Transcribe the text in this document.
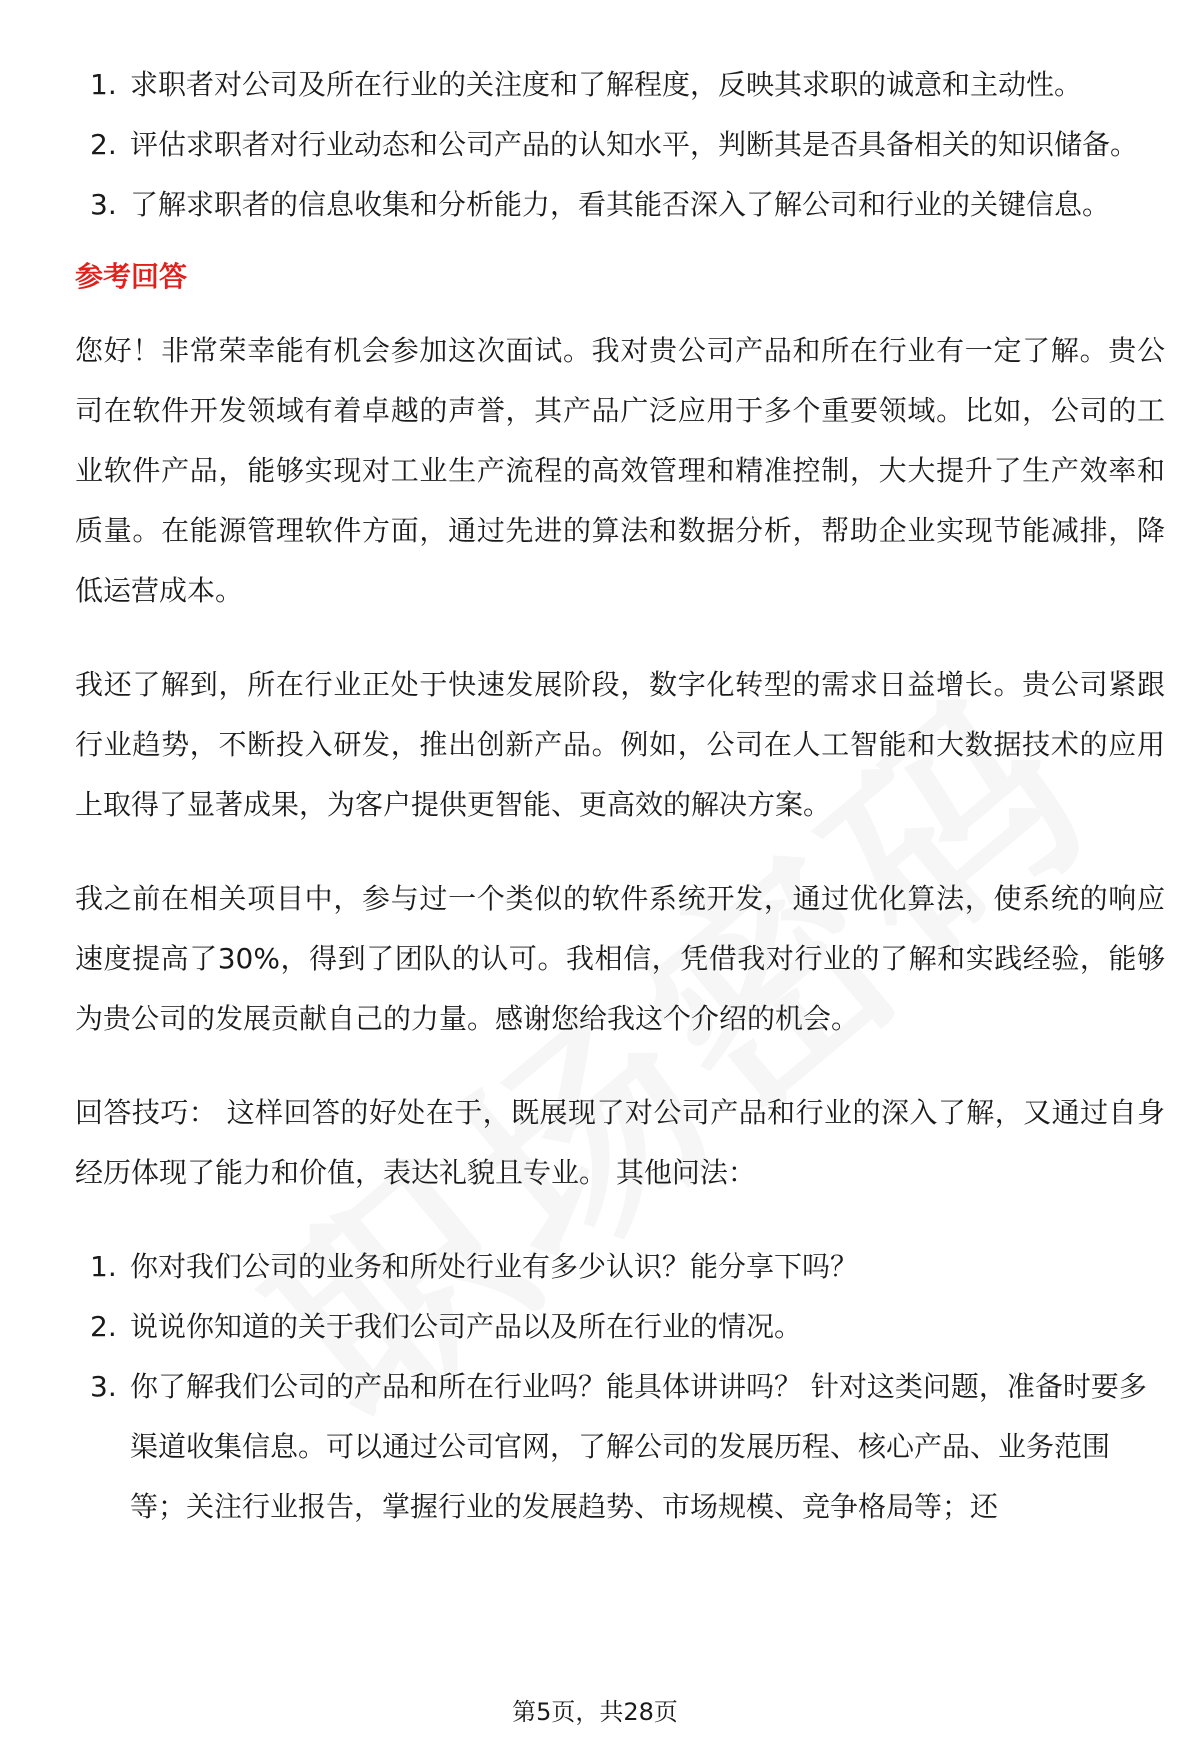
1. 求职者对公司及所在行业的关注度和了解程度，反映其求职的诚意和主动性。
2. 评估求职者对行业动态和公司产品的认知水平，判断其是否具备相关的知识储备。
3. 了解求职者的信息收集和分析能力，看其能否深入了解公司和行业的关键信息。
参考回答

您好！非常荣幸能有机会参加这次面试。我对贵公司产品和所在行业有一定了解。贵公司在软件开发领域有着卓越的声誉，其产品广泛应用于多个重要领域。比如，公司的工业软件产品，能够实现对工业生产流程的高效管理和精准控制，大大提升了生产效率和质量。在能源管理软件方面，通过先进的算法和数据分析，帮助企业实现节能减排，降低运营成本。

我还了解到，所在行业正处于快速发展阶段，数字化转型的需求日益增长。贵公司紧跟行业趋势，不断投入研发，推出创新产品。例如，公司在人工智能和大数据技术的应用上取得了显著成果，为客户提供更智能、更高效的解决方案。

我之前在相关项目中，参与过一个类似的软件系统开发，通过优化算法，使系统的响应速度提高了30%，得到了团队的认可。我相信，凭借我对行业的了解和实践经验，能够为贵公司的发展贡献自己的力量。感谢您给我这个介绍的机会。

回答技巧： 这样回答的好处在于，既展现了对公司产品和行业的深入了解，又通过自身经历体现了能力和价值，表达礼貌且专业。 其他问法：

1. 你对我们公司的业务和所处行业有多少认识？能分享下吗？
2. 说说你知道的关于我们公司产品以及所在行业的情况。
3. 你了解我们公司的产品和所在行业吗？能具体讲讲吗？ 针对这类问题，准备时要多渠道收集信息。可以通过公司官网，了解公司的发展历程、核心产品、业务范围等；关注行业报告，掌握行业的发展趋势、市场规模、竞争格局等；还
第5页，共28页
